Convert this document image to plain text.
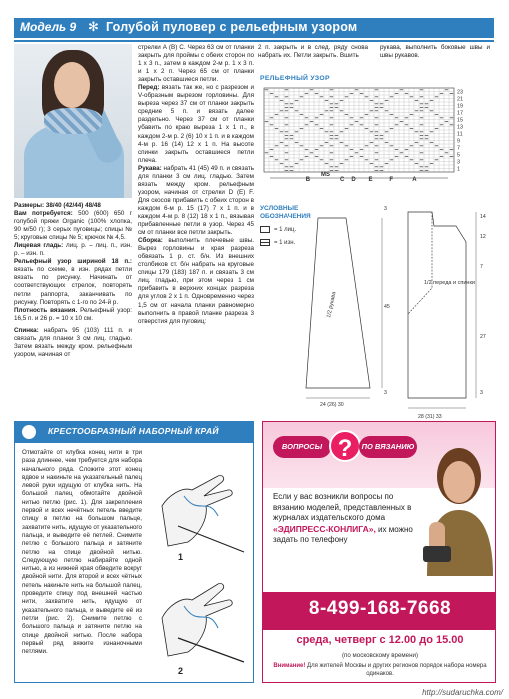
Модель 9 ✻ Голубой пуловер с рельефным узором
Размеры: 38/40 (42/44) 48/48
Вам потребуется: 500 (600) 650 г голубой пряжи Organic (100% хлопка, 90 м/50 г); 3 серых пуговицы; спицы № 5; круговые спицы № 5; крючок № 4,5.
Лицевая гладь: лиц. р. – лиц. п., изн. р. – изн. п.
Рельефный узор шириной 18 п.: вязать по схеме, в изн. рядах петли вязать по рисунку. Начинать от соответствующих стрелок, повторять петли раппорта, заканчивать по рисунку. Повторять с 1-го по 24-й р.
Плотность вязания. Рельефный узор: 16,5 п. и 26 р. = 10 х 10 см.
Спинка: набрать 95 (103) 111 п. и связать для планки 3 см лиц. гладью. Затем вязать между кром. рельефным узором, начиная от
стрелки А (В) С. Через 63 см от планки закрыть для проймы с обеих сторон по 1 х 3 п., затем в каждом 2-м р. 1 х 3 п. и 1 х 2 п. Через 65 см от планки закрыть оставшиеся петли.
Перед: вязать так же, но с разрезом и V-образным вырезом горловины. Для выреза через 37 см от планки закрыть средние 5 п. и вязать далее раздельно. Через 37 см от планки убавить по краю выреза 1 х 1 п., в каждом 2-м р. 2 (6) 10 х 1 п. и в каждом 4-м р. 16 (14) 12 х 1 п. На высоте спинки закрыть оставшиеся петли плеча.
Рукава: набрать 41 (45) 49 п. и связать для планки 3 см лиц. гладью. Затем вязать между кром. рельефным узором, начиная от стрелки D (E) F. Для скосов прибавить с обеих сторон в каждом 6-м р. 15 (17) 7 х 1 п. и в каждом 4-м р. 8 (12) 18 х 1 п., вязывая прибавленные петли в узор. Через 45 см от планки все петли закрыть.
Сборка: выполнить плечевые швы. Вырез горловины и края разреза обвязать 1 р. ст. б/н. Из внешних столбиков ст. б/н набрать на круговые спицы 179 (183) 187 п. и связать 3 см лиц. гладью, при этом через 1 см прибавить в верхних концах разреза для углов 2 х 1 п. Одновременно через 1,5 см от начала планки равномерно выполнить в правой планке разреза 3 отверстия для пуговиц:
2 п. закрыть и в след. ряду снова набрать их. Петли закрыть. Вшить
рукава, выполнить боковые швы и швы рукавов.
РЕЛЬЕФНЫЙ УЗОР
23
21
19
17
15
13
11
9
7
5
3
1
B	C D E	F	A
MS
УСЛОВНЫЕ ОБОЗНАЧЕНИЯ
= 1 лиц.
= 1 изн.
1/2 рукава
1/2 переда и спинки
3
45
3
24 (26) 30
14
12
7
27
3
28 (31) 33
КРЕСТООБРАЗНЫЙ НАБОРНЫЙ КРАЙ
Отмотайте от клубка конец нити в три раза длиннее, чем требуется для набора начального ряда. Сложите этот конец вдвое и накиньте на указательный палец левой руки идущую от клубка нить. На большой палец обмотайте двойной нитью петлю (рис. 1). Для закрепления первой и всех нечётных петель введите спицу в петлю на большом пальце, захватите нить, идущую от указательного пальца, и выведите её петлей. Снимите петлю с большого пальца и затяните петлю на спице двойной нитью. Следующую петлю набирайте одной нитью, а из нижней края обведите вокруг двойной нити. Для второй и всех чётных петель накиньте нить на большой палец, проведите спицу под внешней частью нити, захватите нить, идущую от указательного пальца, и выведите её из петли (рис. 2). Снимите петлю с большого пальца и затяните петлю на спице двойной нитью. После набора первый ряд вяжите изнаночными петлями.
1
2
ВОПРОСЫ ?	ПО ВЯЗАНИЮ
Если у вас возникли вопросы по вязанию моделей, представленных в журналах издательского дома «ЭДИПРЕСС-КОНЛИГА», их можно задать по телефону
8-499-168-7668
среда, четверг с 12.00 до 15.00
(по московскому времени)
Внимание! Для жителей Москвы и других регионов порядок набора номера одинаков.
http://sudaruchka.com/
